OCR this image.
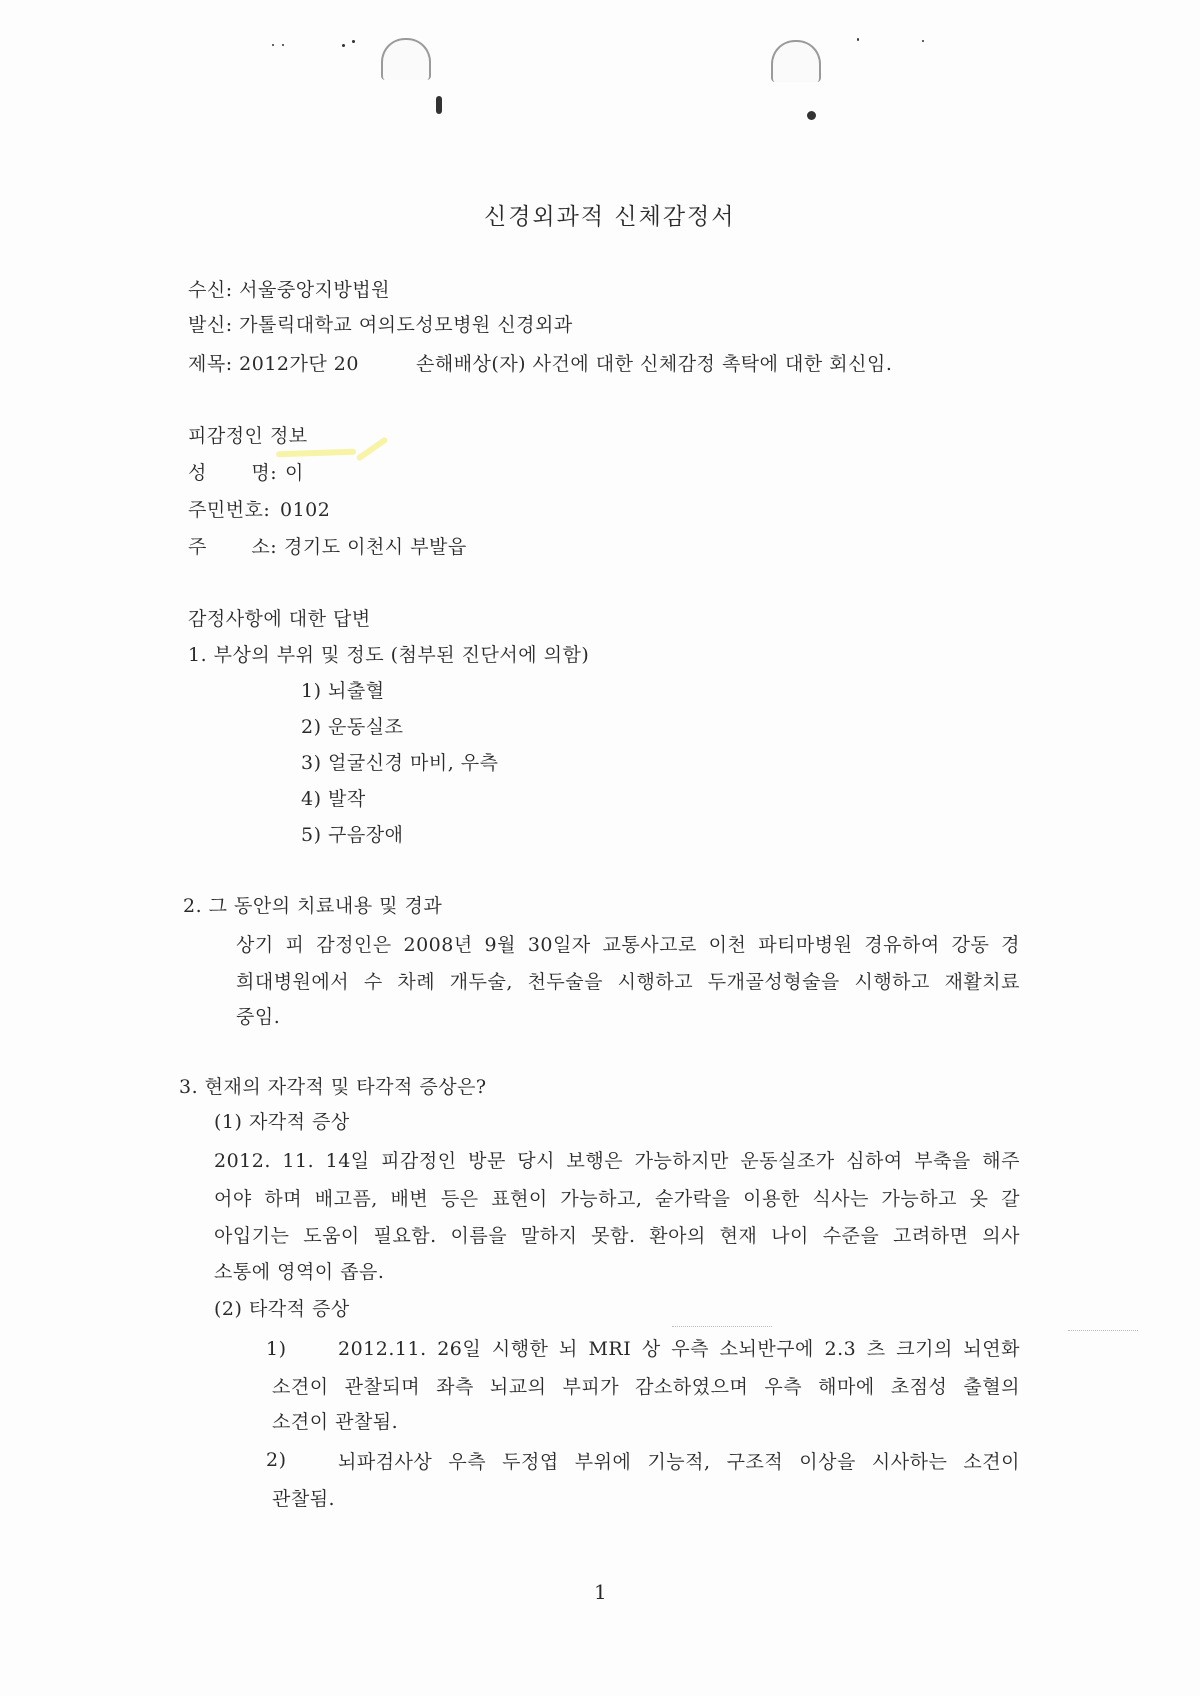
신경외과적 신체감정서
수신: 서울중앙지방법원
발신: 가톨릭대학교 여의도성모병원 신경외과
제목: 2012가단 20	손해배상(자) 사건에 대한 신체감정 촉탁에 대한 회신임.
피감정인 정보
성 명: 이
주민번호: 0102
주 소: 경기도 이천시 부발읍
감정사항에 대한 답변
1. 부상의 부위 및 정도 (첨부된 진단서에 의함)
1) 뇌출혈
2) 운동실조
3) 얼굴신경 마비, 우측
4) 발작
5) 구음장애
2. 그 동안의 치료내용 및 경과
상기 피 감정인은 2008년 9월 30일자 교통사고로 이천 파티마병원 경유하여 강동 경
희대병원에서 수 차례 개두술, 천두술을 시행하고 두개골성형술을 시행하고 재활치료
중임.
3. 현재의 자각적 및 타각적 증상은?
(1) 자각적 증상
2012. 11. 14일 피감정인 방문 당시 보행은 가능하지만 운동실조가 심하여 부축을 해주
어야 하며 배고픔, 배변 등은 표현이 가능하고, 숟가락을 이용한 식사는 가능하고 옷 갈
아입기는 도움이 필요함. 이름을 말하지 못함. 환아의 현재 나이 수준을 고려하면 의사
소통에 영역이 좁음.
(2) 타각적 증상
1)	2012.11. 26일 시행한 뇌 MRI 상 우측 소뇌반구에 2.3 츠 크기의 뇌연화
소견이 관찰되며 좌측 뇌교의 부피가 감소하였으며 우측 해마에 초점성 출혈의
소견이 관찰됨.
2)	뇌파검사상 우측 두정엽 부위에 기능적, 구조적 이상을 시사하는 소견이
관찰됨.
1
